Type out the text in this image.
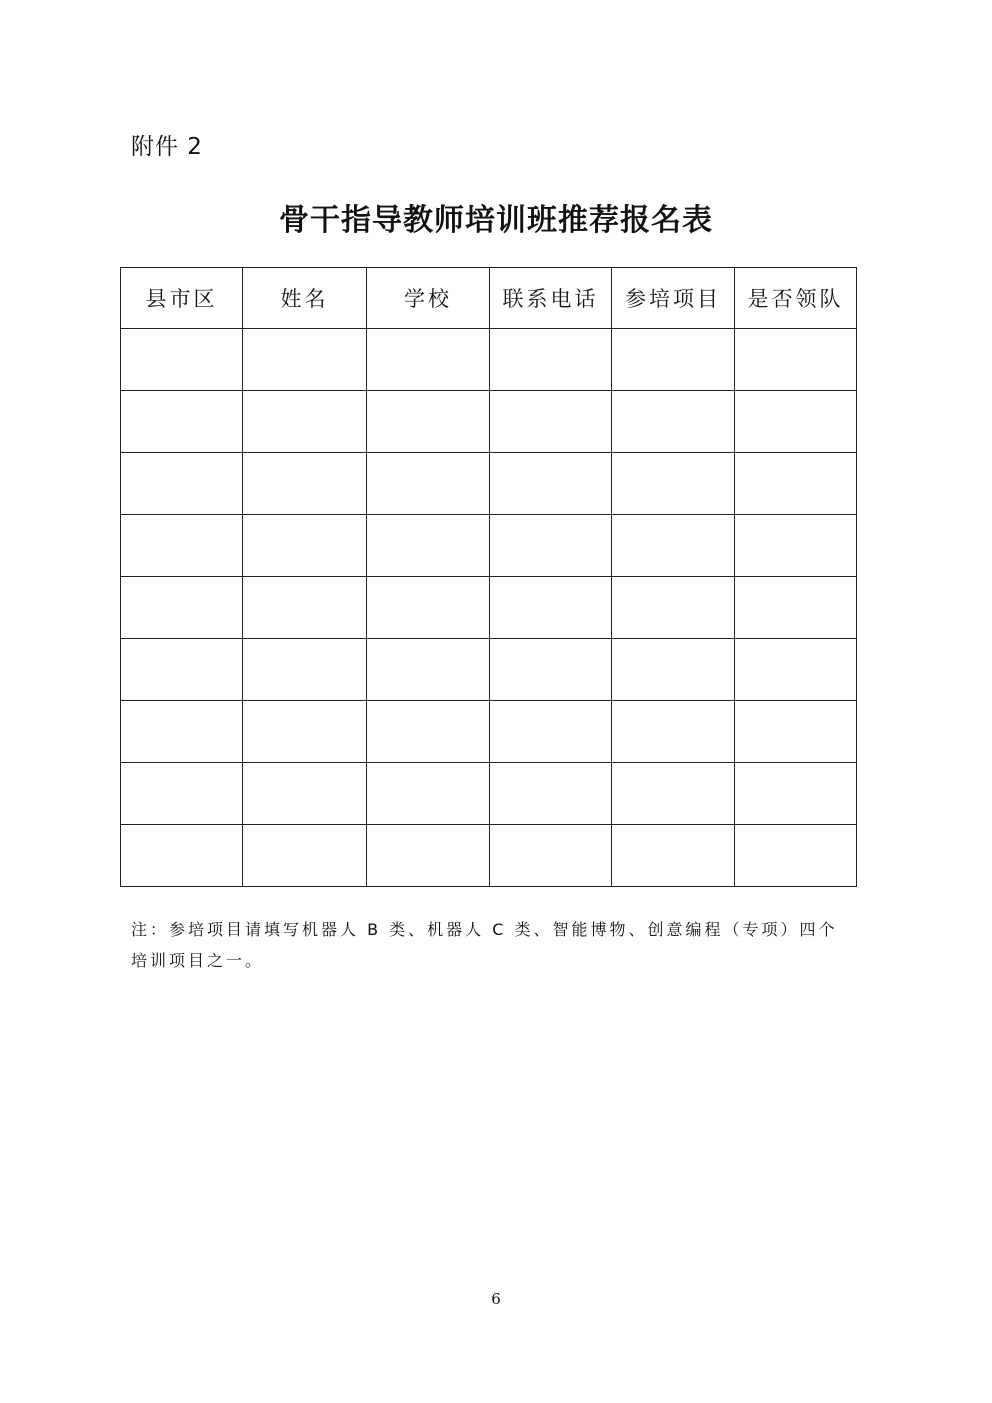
附件 2
骨干指导教师培训班推荐报名表
县市区	姓名	学校	联系电话	参培项目	是否领队

注：参培项目请填写机器人 B 类、机器人 C 类、智能博物、创意编程（专项）四个培训项目之一。
6
